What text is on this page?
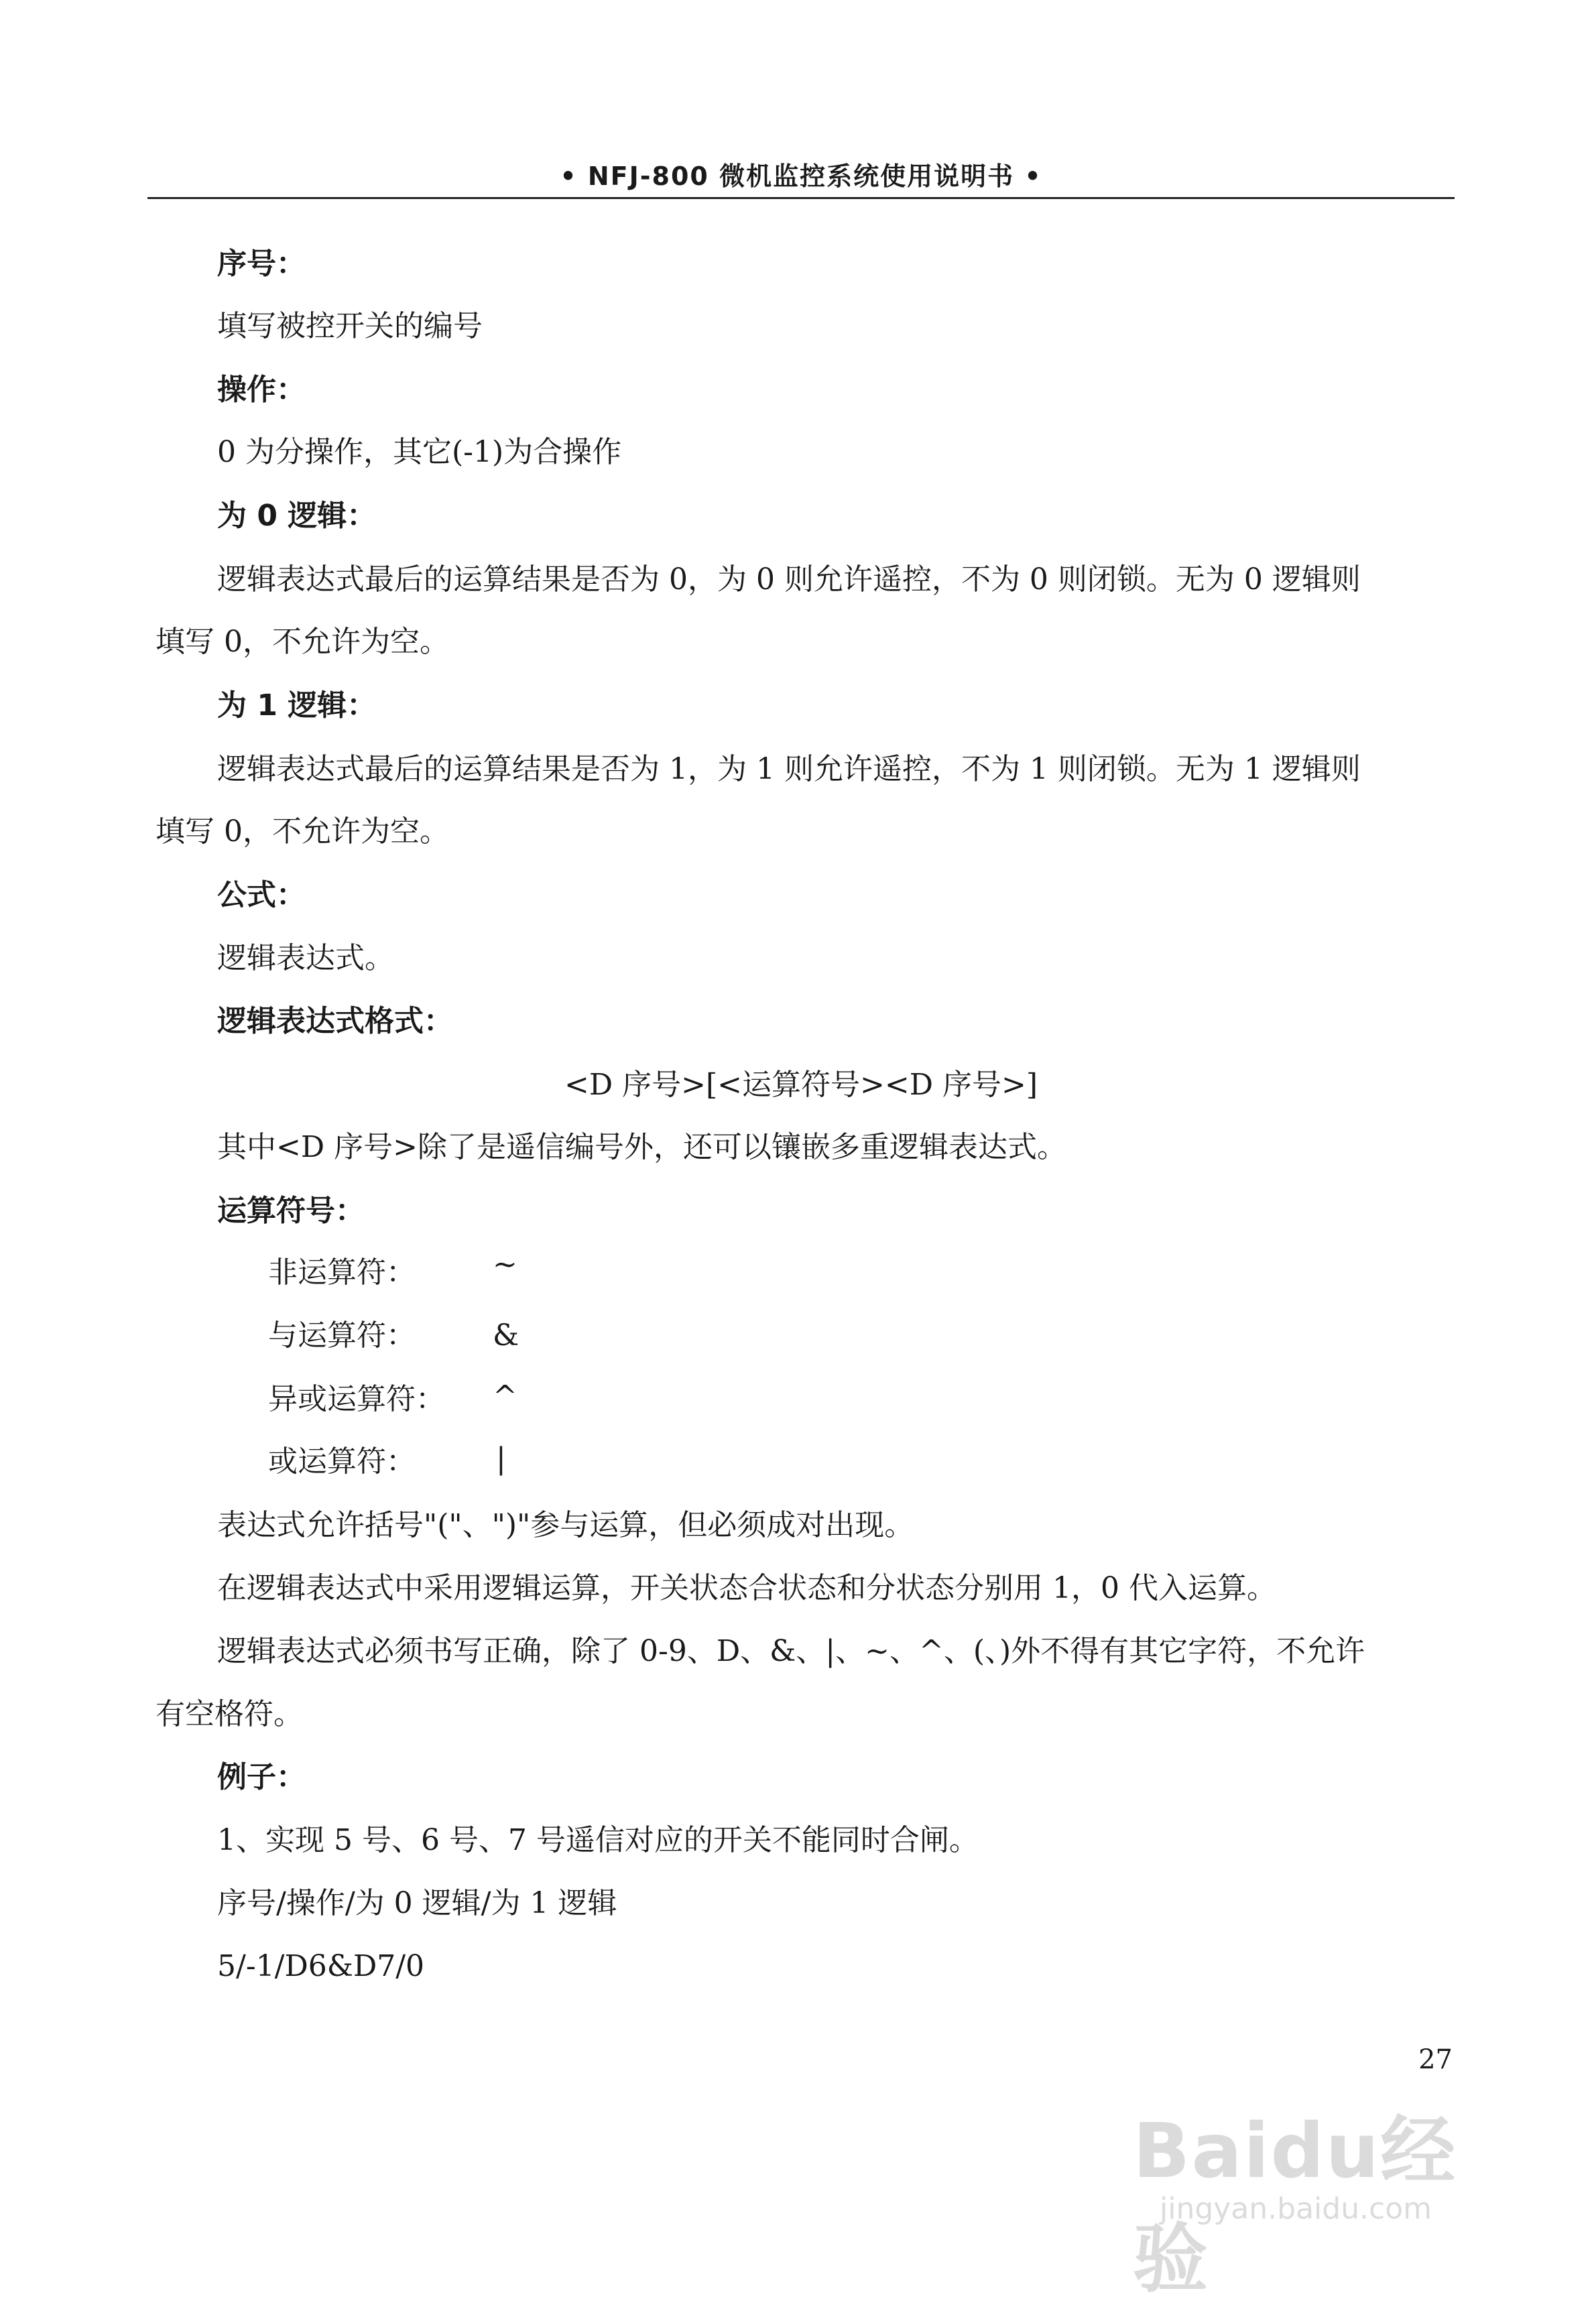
• NFJ-800 微机监控系统使用说明书 •
序号：
填写被控开关的编号
操作：
0 为分操作，其它(-1)为合操作
为 0 逻辑：
逻辑表达式最后的运算结果是否为 0，为 0 则允许遥控，不为 0 则闭锁。无为 0 逻辑则
填写 0，不允许为空。
为 1 逻辑：
逻辑表达式最后的运算结果是否为 1，为 1 则允许遥控，不为 1 则闭锁。无为 1 逻辑则
填写 0，不允许为空。
公式：
逻辑表达式。
逻辑表达式格式：
<D 序号>[<运算符号><D 序号>]
其中<D 序号>除了是遥信编号外，还可以镶嵌多重逻辑表达式。
运算符号：
非运算符：	~
与运算符：	&
异或运算符： ^
或运算符：	|
表达式允许括号"("、")"参与运算，但必须成对出现。
在逻辑表达式中采用逻辑运算，开关状态合状态和分状态分别用 1，0 代入运算。
逻辑表达式必须书写正确，除了 0-9、D、&、|、~、^、(、)外不得有其它字符，不允许
有空格符。
例子：
1、实现 5 号、6 号、7 号遥信对应的开关不能同时合闸。
序号/操作/为 0 逻辑/为 1 逻辑
5/-1/D6&D7/0
27
Baidu经验
jingyan.baidu.com
